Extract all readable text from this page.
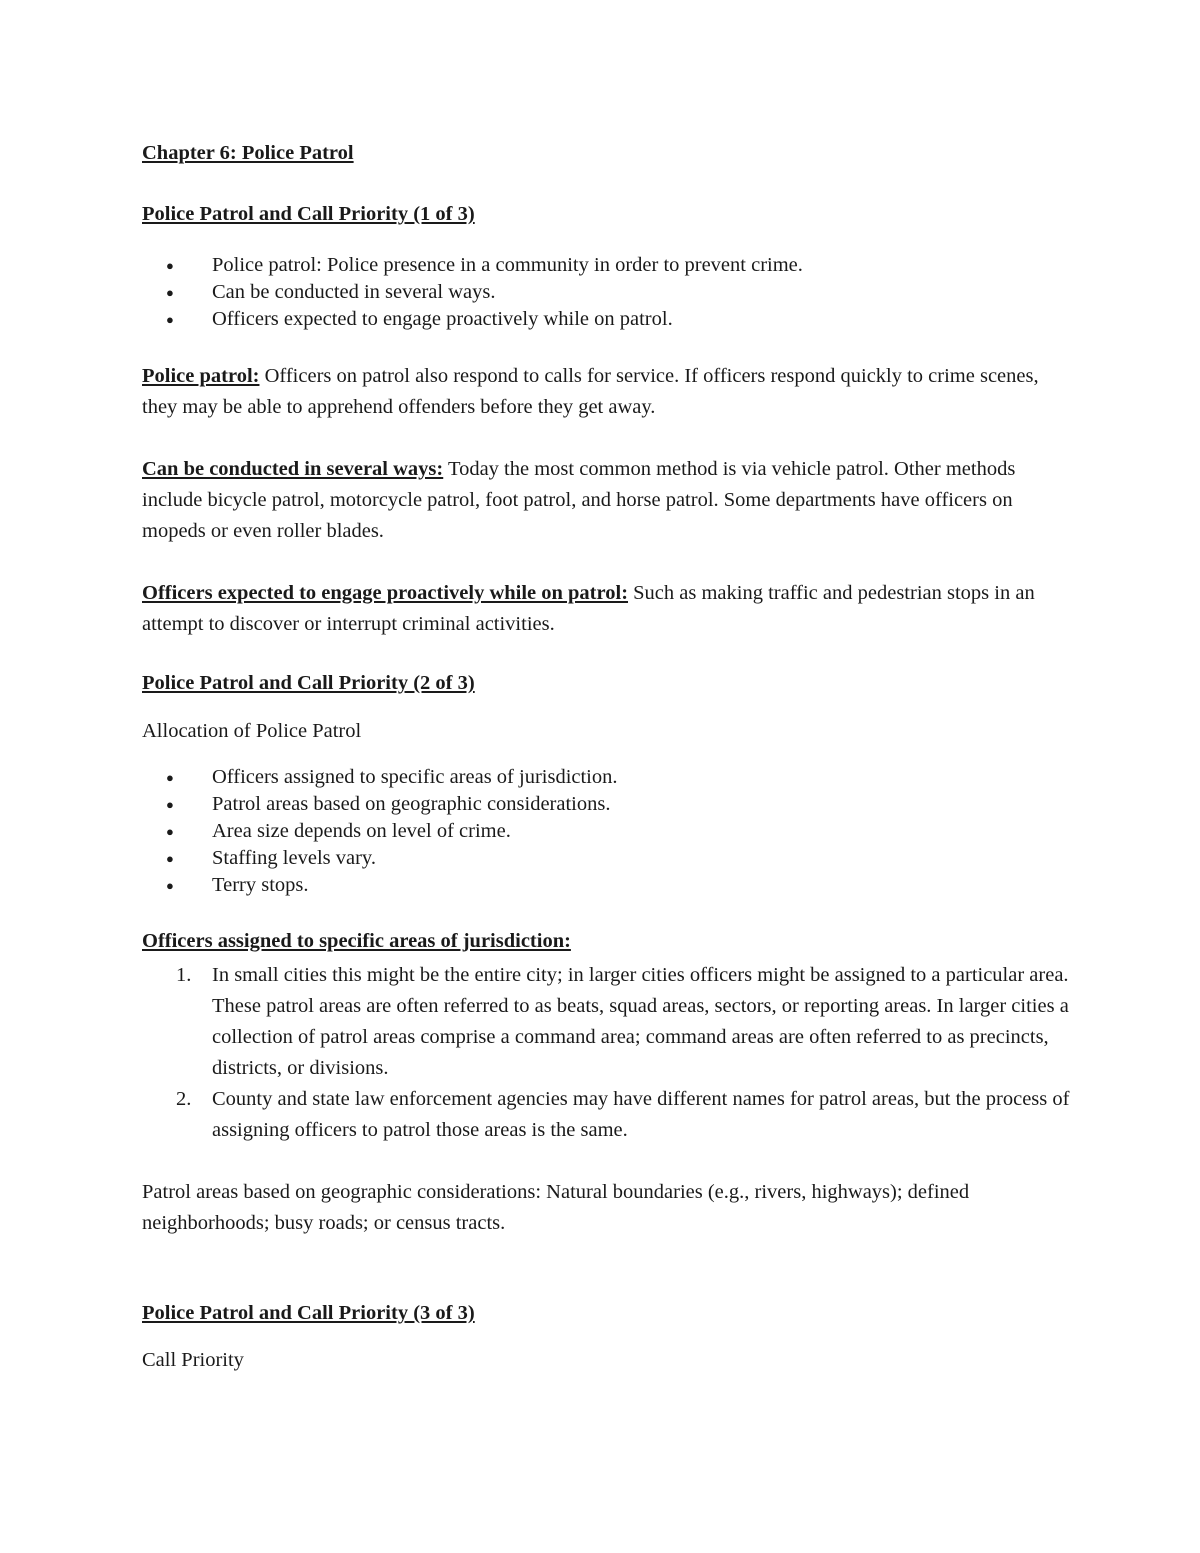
Chapter 6: Police Patrol
Police Patrol and Call Priority (1 of 3)
● Police patrol: Police presence in a community in order to prevent crime.
● Can be conducted in several ways.
● Officers expected to engage proactively while on patrol.

Police patrol: Officers on patrol also respond to calls for service. If officers respond quickly to crime scenes, they may be able to apprehend offenders before they get away.

Can be conducted in several ways: Today the most common method is via vehicle patrol. Other methods include bicycle patrol, motorcycle patrol, foot patrol, and horse patrol. Some departments have officers on mopeds or even roller blades.

Officers expected to engage proactively while on patrol: Such as making traffic and pedestrian stops in an attempt to discover or interrupt criminal activities.

Police Patrol and Call Priority (2 of 3)
Allocation of Police Patrol
● Officers assigned to specific areas of jurisdiction.
● Patrol areas based on geographic considerations.
● Area size depends on level of crime.
● Staffing levels vary.
● Terry stops.
Officers assigned to specific areas of jurisdiction:
1. In small cities this might be the entire city; in larger cities officers might be assigned to a particular area. These patrol areas are often referred to as beats, squad areas, sectors, or reporting areas. In larger cities a collection of patrol areas comprise a command area; command areas are often referred to as precincts, districts, or divisions.
2. County and state law enforcement agencies may have different names for patrol areas, but the process of assigning officers to patrol those areas is the same.

Patrol areas based on geographic considerations: Natural boundaries (e.g., rivers, highways); defined neighborhoods; busy roads; or census tracts.

Police Patrol and Call Priority (3 of 3)
Call Priority
